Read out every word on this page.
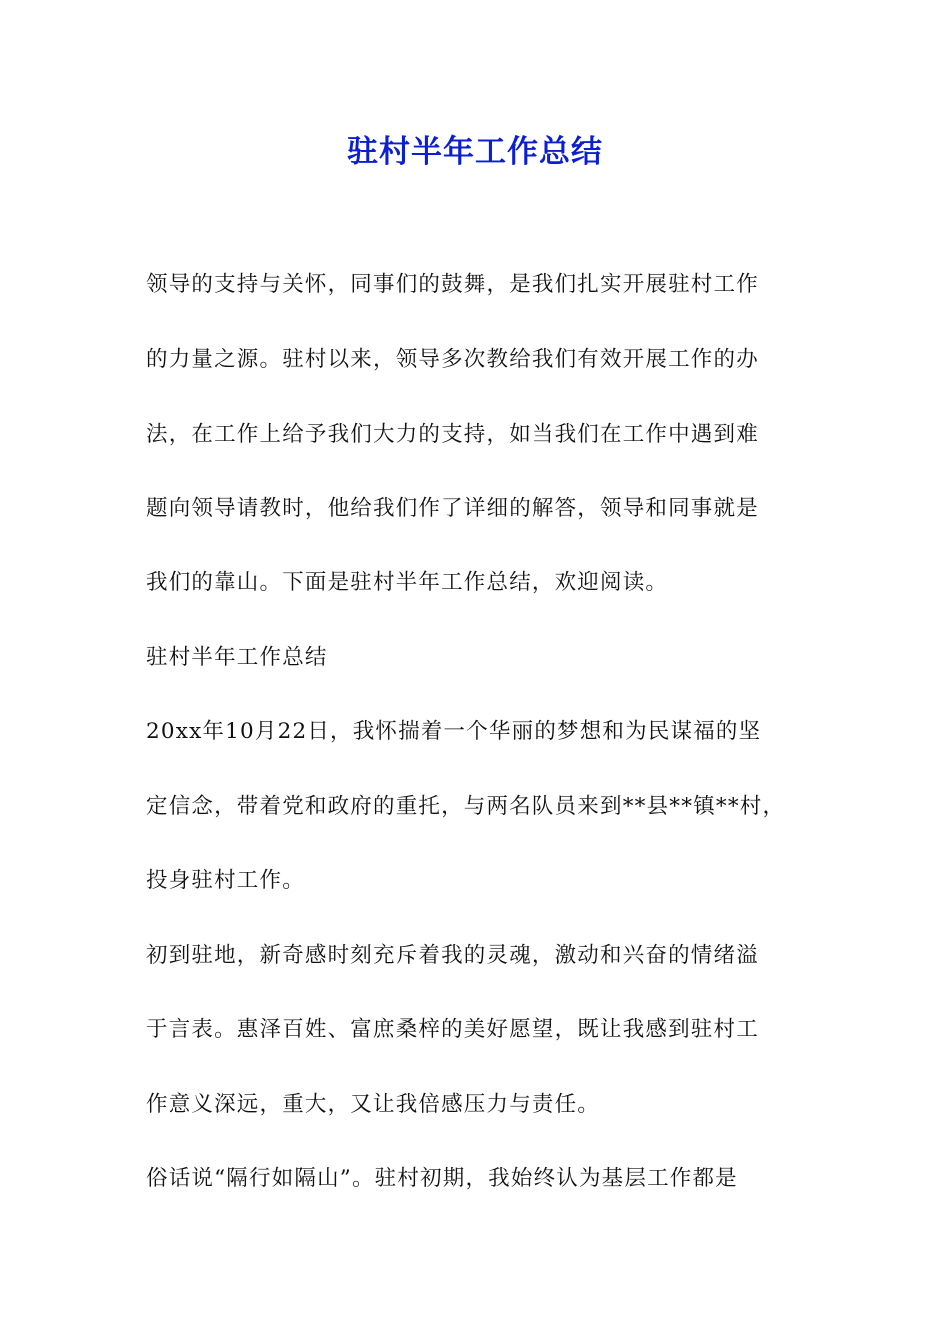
驻村半年工作总结
领导的支持与关怀，同事们的鼓舞，是我们扎实开展驻村工作
的力量之源。驻村以来，领导多次教给我们有效开展工作的办
法，在工作上给予我们大力的支持，如当我们在工作中遇到难
题向领导请教时，他给我们作了详细的解答，领导和同事就是
我们的靠山。下面是驻村半年工作总结，欢迎阅读。
驻村半年工作总结
20xx年10月22日，我怀揣着一个华丽的梦想和为民谋福的坚
定信念，带着党和政府的重托，与两名队员来到**县**镇**村，
投身驻村工作。
初到驻地，新奇感时刻充斥着我的灵魂，激动和兴奋的情绪溢
于言表。惠泽百姓、富庶桑梓的美好愿望，既让我感到驻村工
作意义深远，重大，又让我倍感压力与责任。
俗话说“隔行如隔山”。驻村初期，我始终认为基层工作都是
